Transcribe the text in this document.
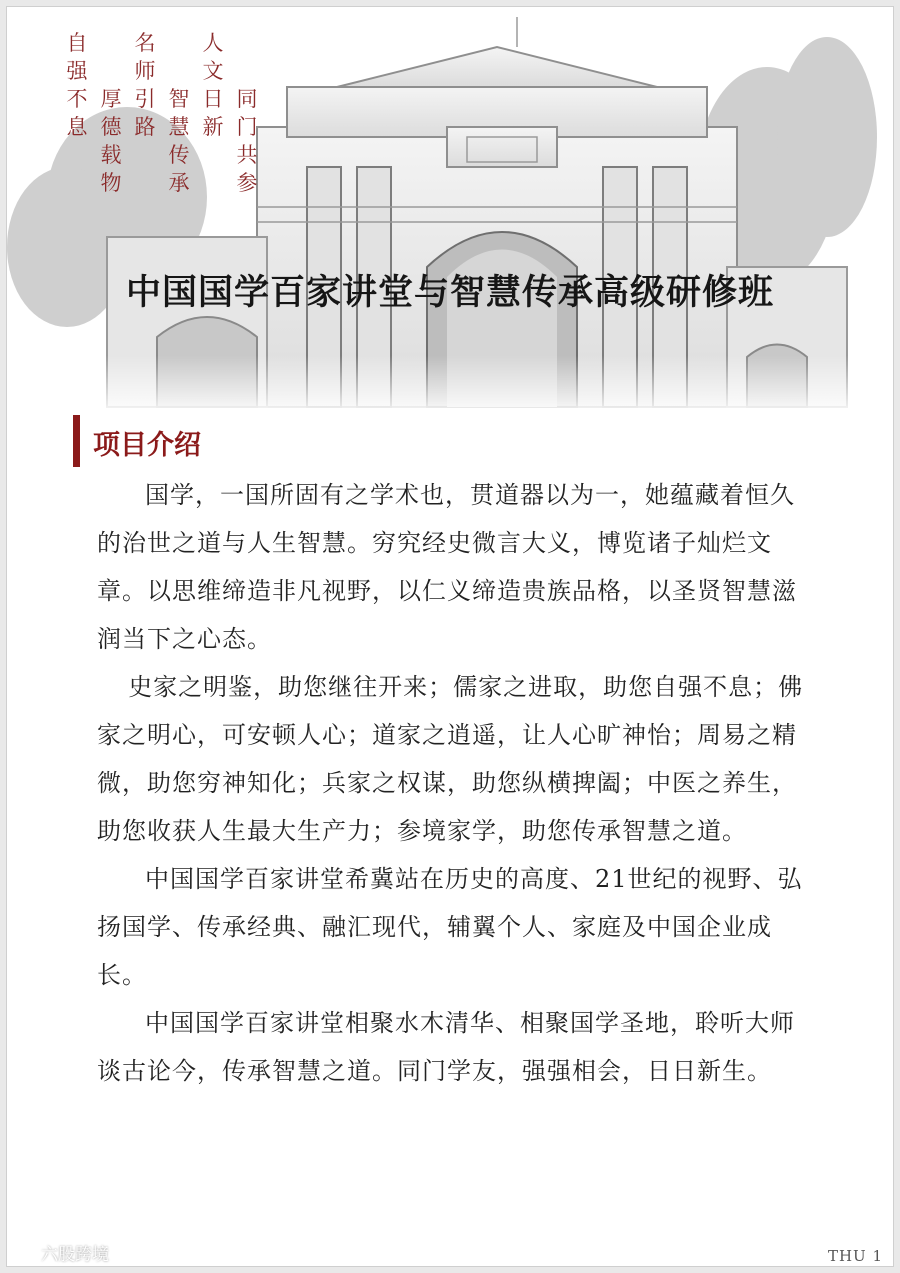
自强不息
厚德载物
名师引路
智慧传承
人文日新
同门共参
中国国学百家讲堂与智慧传承高级研修班
项目介绍

国学，一国所固有之学术也，贯道器以为一，她蕴藏着恒久的治世之道与人生智慧。穷究经史微言大义，博览诸子灿烂文章。以思维缔造非凡视野，以仁义缔造贵族品格，以圣贤智慧滋润当下之心态。

史家之明鉴，助您继往开来；儒家之进取，助您自强不息；佛家之明心，可安顿人心；道家之逍遥，让人心旷神怡；周易之精微，助您穷神知化；兵家之权谋，助您纵横捭阖；中医之养生，助您收获人生最大生产力；参境家学，助您传承智慧之道。

中国国学百家讲堂希冀站在历史的高度、21世纪的视野、弘扬国学、传承经典、融汇现代，辅翼个人、家庭及中国企业成长。

中国国学百家讲堂相聚水木清华、相聚国学圣地，聆听大师谈古论今，传承智慧之道。同门学友，强强相会，日日新生。

六股跨境	THU 1
